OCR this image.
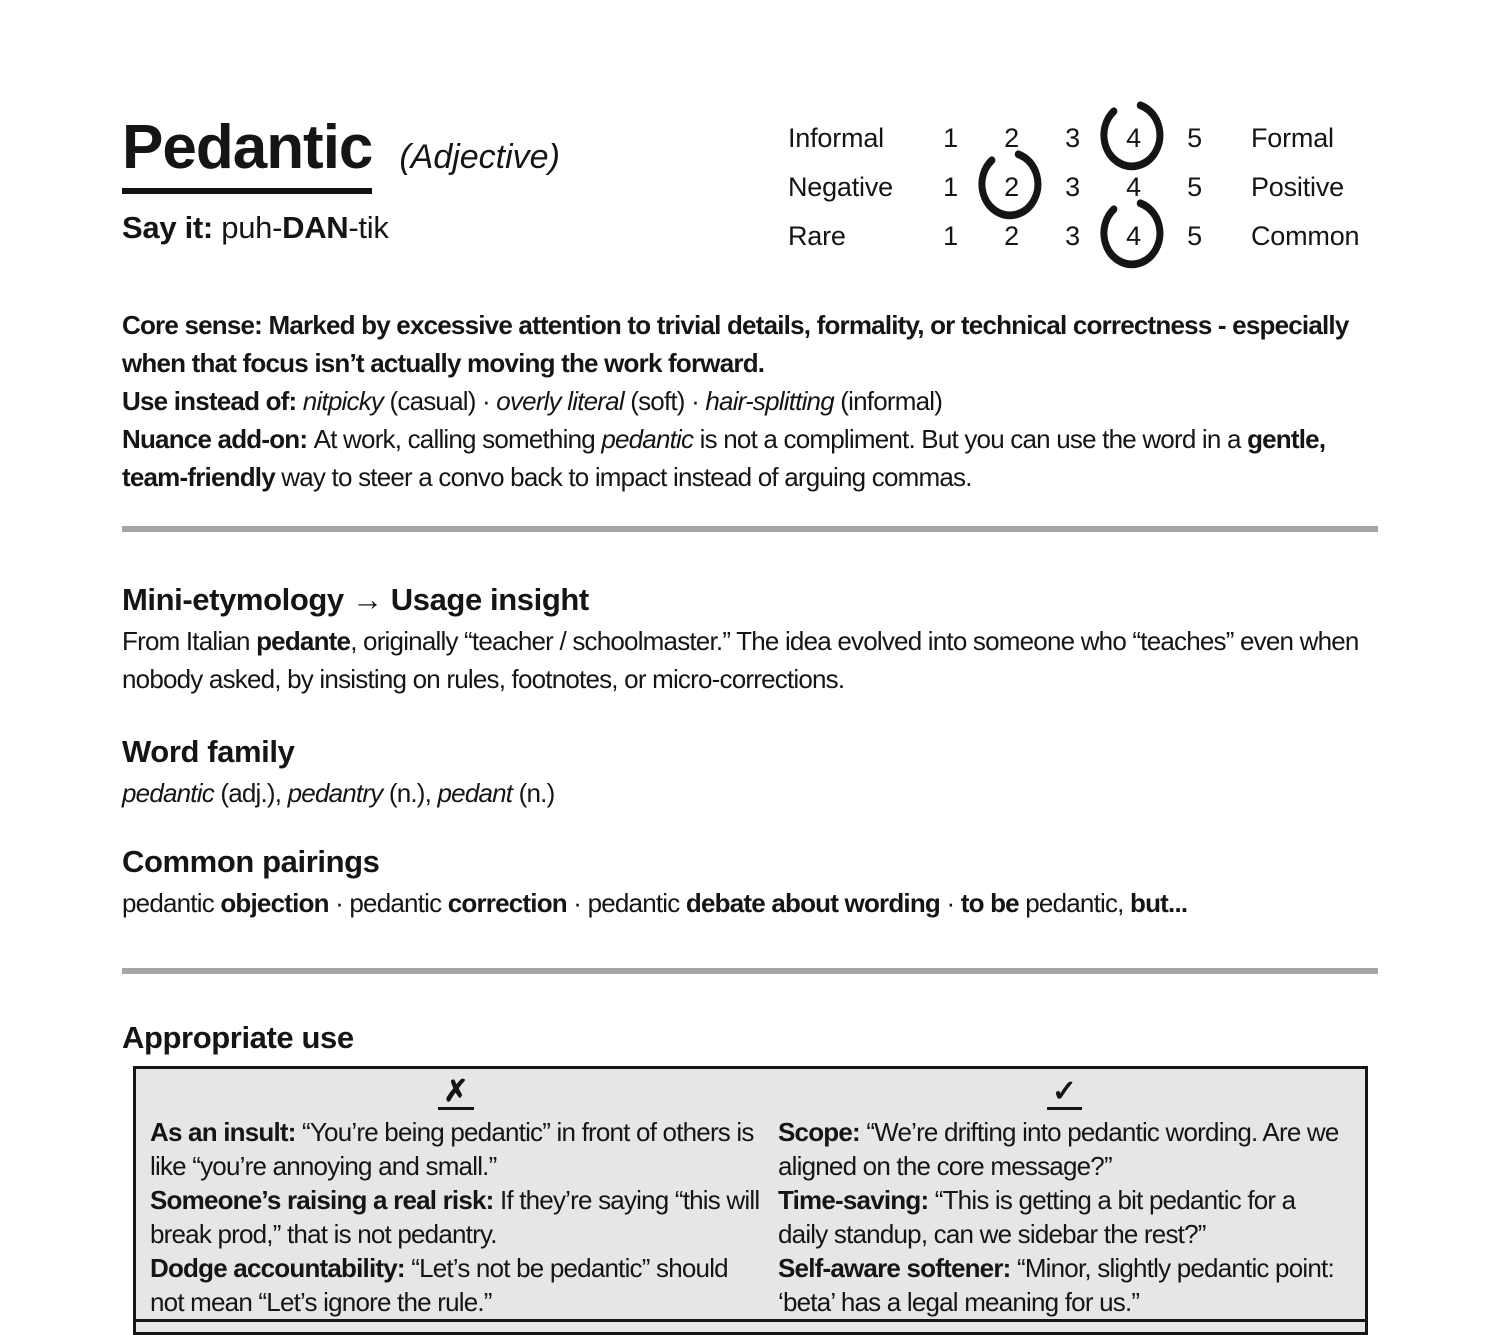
Pedantic (Adjective)
Say it: puh-DAN-tik
Informal	1	2	3	4	5	Formal
Negative	1	2	3	4	5	Positive
Rare	1	2	3	4	5	Common

Core sense: Marked by excessive attention to trivial details, formality, or technical correctness - especially when that focus isn’t actually moving the work forward.

Use instead of: nitpicky (casual) · overly literal (soft) · hair-splitting (informal)

Nuance add-on: At work, calling something pedantic is not a compliment. But you can use the word in a gentle, team-friendly way to steer a convo back to impact instead of arguing commas.

Mini-etymology → Usage insight

From Italian pedante, originally “teacher / schoolmaster.” The idea evolved into someone who “teaches” even when nobody asked, by insisting on rules, footnotes, or micro-corrections.

Word family

pedantic (adj.), pedantry (n.), pedant (n.)

Common pairings

pedantic objection · pedantic correction · pedantic debate about wording · to be pedantic, but...

Appropriate use
✗

As an insult: “You’re being pedantic” in front of others is like “you’re annoying and small.”

Someone’s raising a real risk: If they’re saying “this will break prod,” that is not pedantry.

Dodge accountability: “Let’s not be pedantic” should not mean “Let’s ignore the rule.”

✓

Scope: “We’re drifting into pedantic wording. Are we aligned on the core message?”

Time-saving: “This is getting a bit pedantic for a daily standup, can we sidebar the rest?”

Self-aware softener: “Minor, slightly pedantic point: ‘beta’ has a legal meaning for us.”
